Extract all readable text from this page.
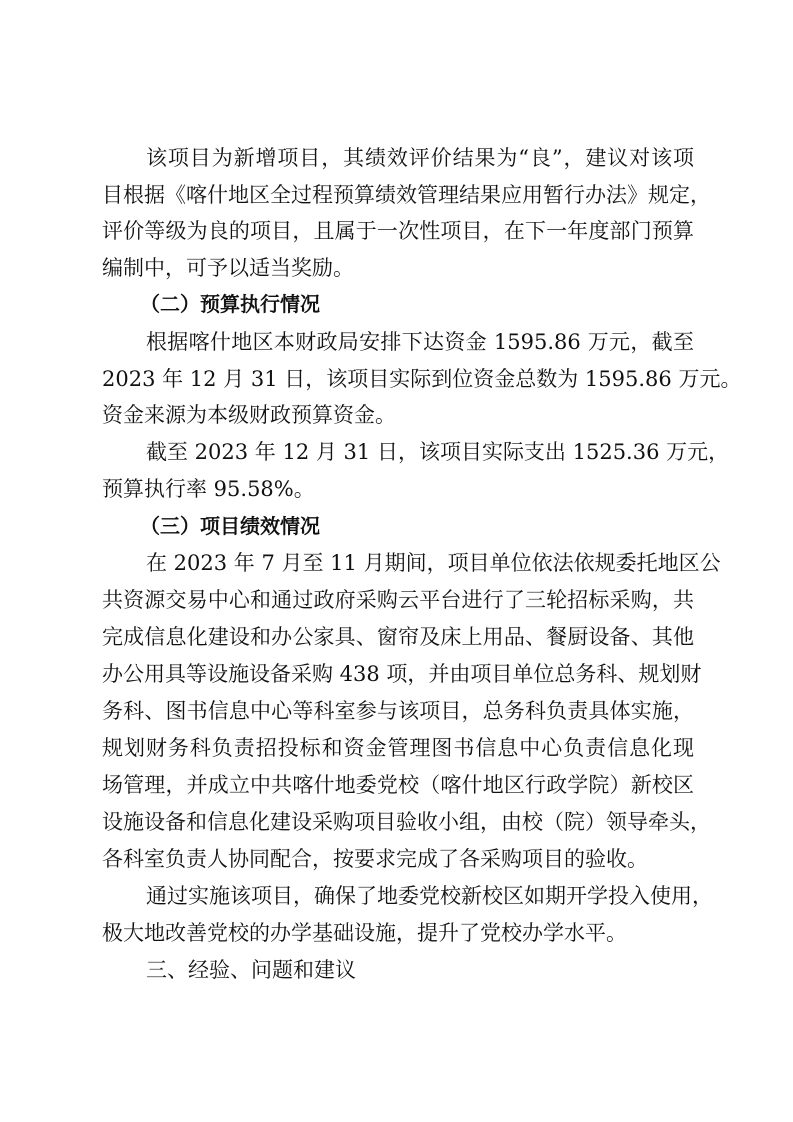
该项目为新增项目，其绩效评价结果为“良”，建议对该项
目根据《喀什地区全过程预算绩效管理结果应用暂行办法》规定，
评价等级为良的项目，且属于一次性项目，在下一年度部门预算
编制中，可予以适当奖励。
（二）预算执行情况
根据喀什地区本财政局安排下达资金 1595.86 万元，截至
2023 年 12 月 31 日，该项目实际到位资金总数为 1595.86 万元。
资金来源为本级财政预算资金。
截至 2023 年 12 月 31 日，该项目实际支出 1525.36 万元，
预算执行率 95.58%。
（三）项目绩效情况
在 2023 年 7 月至 11 月期间，项目单位依法依规委托地区公
共资源交易中心和通过政府采购云平台进行了三轮招标采购，共
完成信息化建设和办公家具、窗帘及床上用品、餐厨设备、其他
办公用具等设施设备采购 438 项，并由项目单位总务科、规划财
务科、图书信息中心等科室参与该项目，总务科负责具体实施，
规划财务科负责招投标和资金管理图书信息中心负责信息化现
场管理，并成立中共喀什地委党校（喀什地区行政学院）新校区
设施设备和信息化建设采购项目验收小组，由校（院）领导牵头，
各科室负责人协同配合，按要求完成了各采购项目的验收。
通过实施该项目，确保了地委党校新校区如期开学投入使用，
极大地改善党校的办学基础设施，提升了党校办学水平。
三、经验、问题和建议
